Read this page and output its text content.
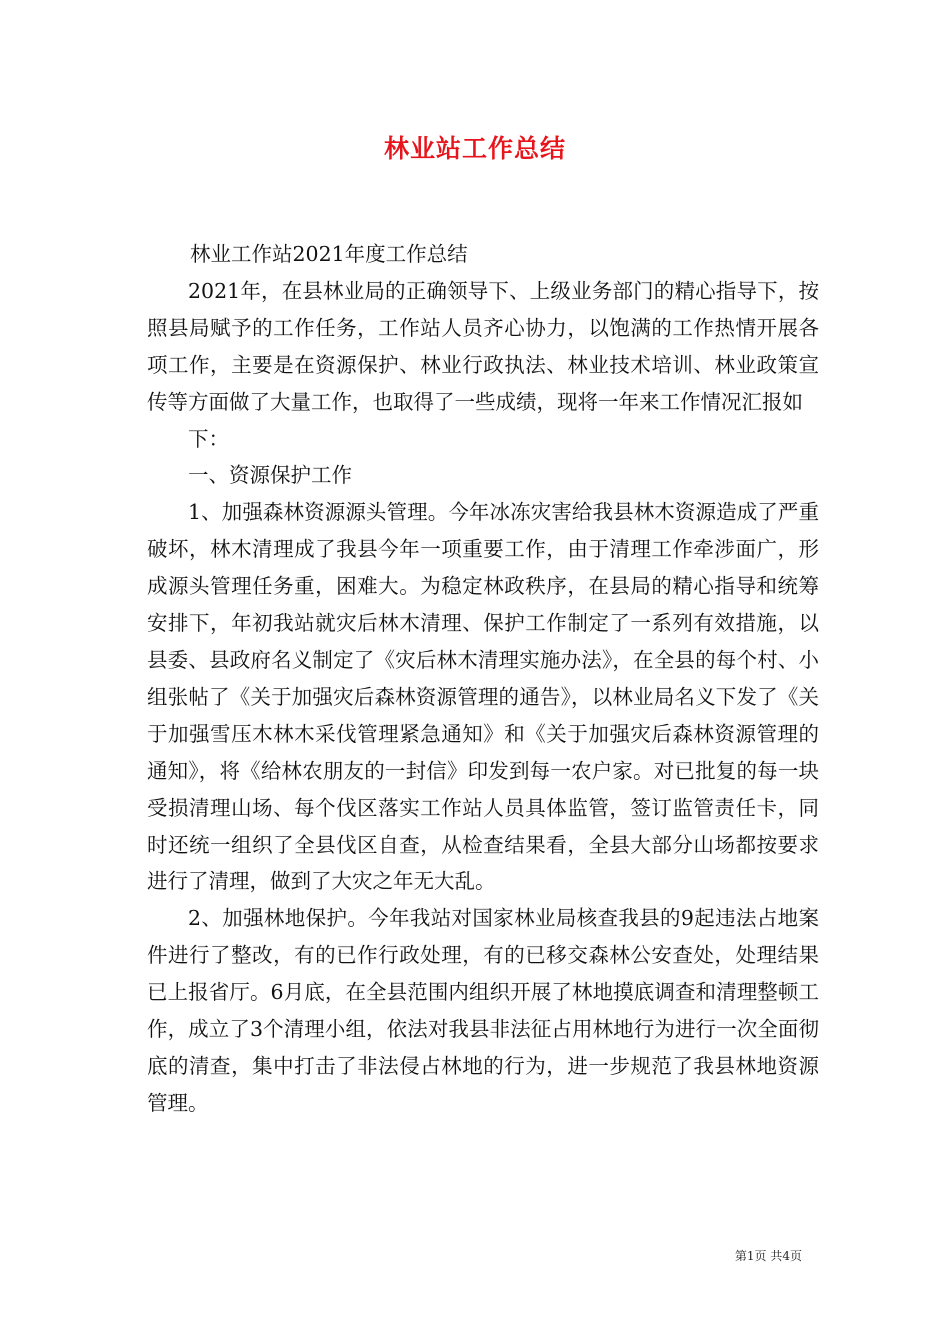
林业站工作总结

林业工作站2021年度工作总结

2021年，在县林业局的正确领导下、上级业务部门的精心指导下，按照县局赋予的工作任务，工作站人员齐心协力，以饱满的工作热情开展各项工作，主要是在资源保护、林业行政执法、林业技术培训、林业政策宣传等方面做了大量工作，也取得了一些成绩，现将一年来工作情况汇报如

下：

一、资源保护工作

1、加强森林资源源头管理。今年冰冻灾害给我县林木资源造成了严重破坏，林木清理成了我县今年一项重要工作，由于清理工作牵涉面广，形成源头管理任务重，困难大。为稳定林政秩序，在县局的精心指导和统筹安排下，年初我站就灾后林木清理、保护工作制定了一系列有效措施，以县委、县政府名义制定了《灾后林木清理实施办法》，在全县的每个村、小组张帖了《关于加强灾后森林资源管理的通告》，以林业局名义下发了《关于加强雪压木林木采伐管理紧急通知》和《关于加强灾后森林资源管理的通知》，将《给林农朋友的一封信》印发到每一农户家。对已批复的每一块受损清理山场、每个伐区落实工作站人员具体监管，签订监管责任卡，同时还统一组织了全县伐区自查，从检查结果看，全县大部分山场都按要求进行了清理，做到了大灾之年无大乱。

2、加强林地保护。今年我站对国家林业局核查我县的9起违法占地案件进行了整改，有的已作行政处理，有的已移交森林公安查处，处理结果已上报省厅。6月底，在全县范围内组织开展了林地摸底调查和清理整顿工作，成立了3个清理小组，依法对我县非法征占用林地行为进行一次全面彻底的清查，集中打击了非法侵占林地的行为，进一步规范了我县林地资源管理。

第1页 共4页
